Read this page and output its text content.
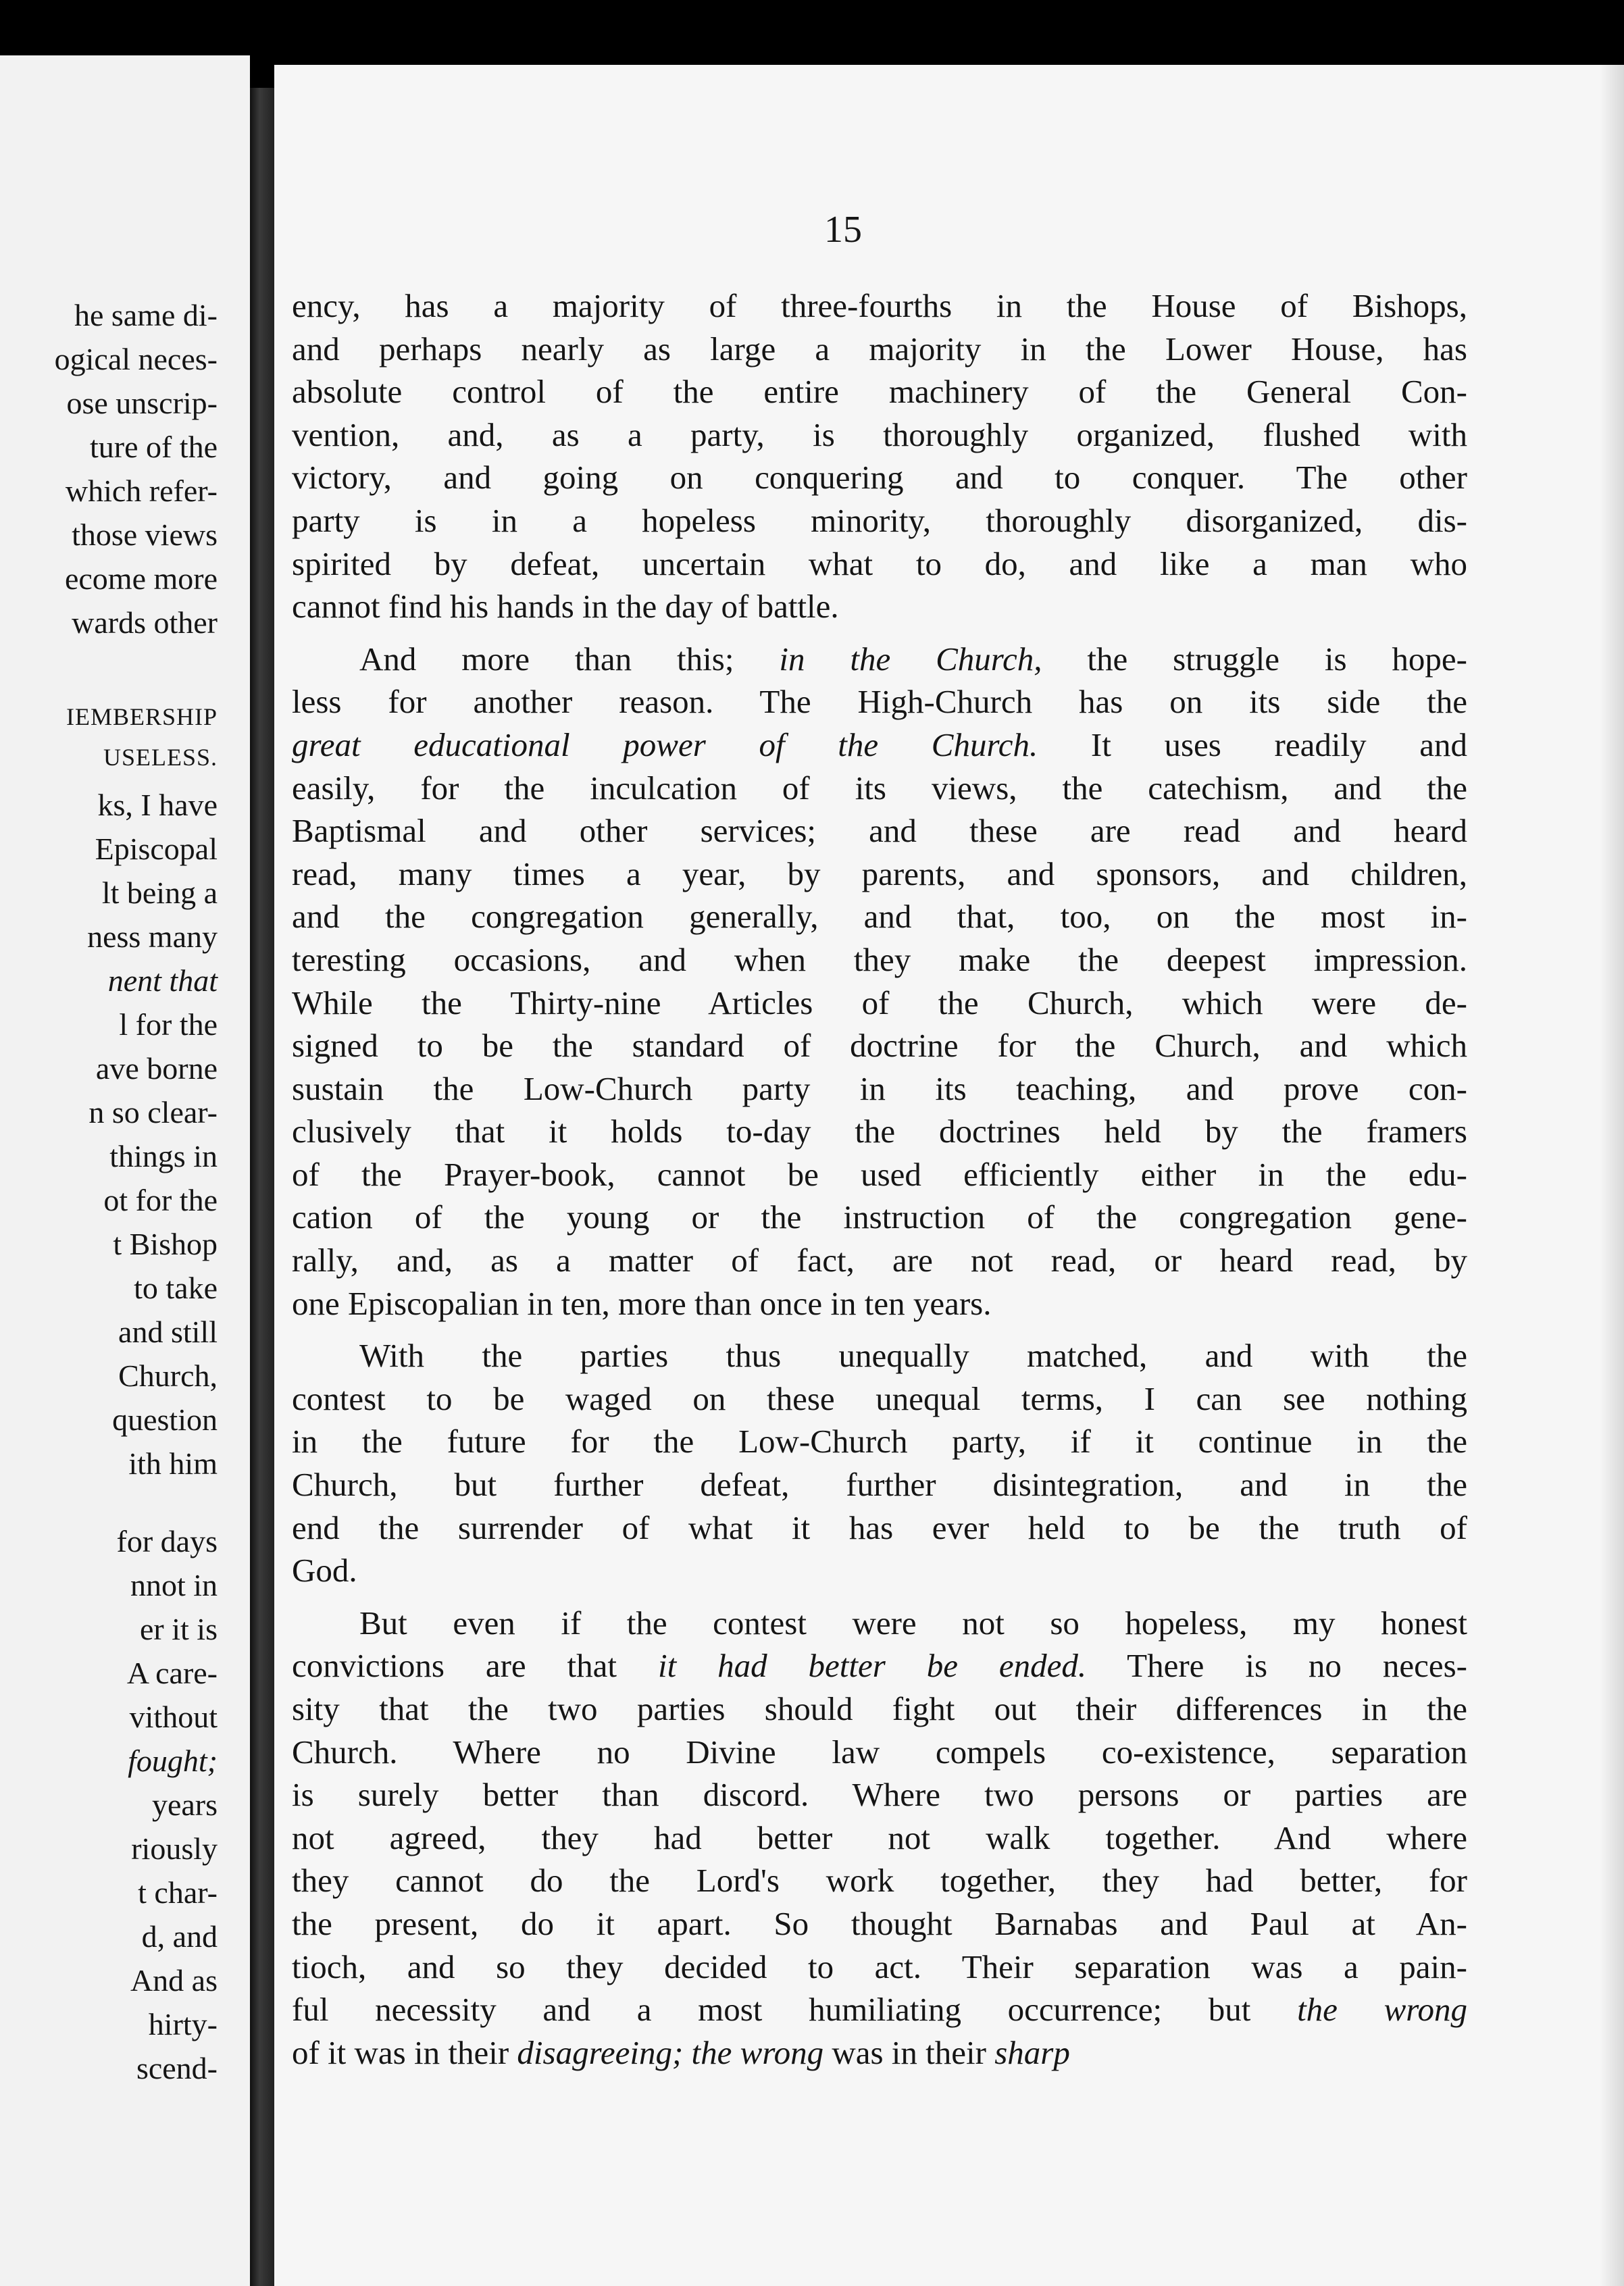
he same di-
ogical neces-
ose unscrip-
ture of the
which refer-
those views
ecome more
wards other
IEMBERSHIP
USELESS.
ks, I have
Episcopal
lt being a
ness many
nent that
l for the
ave borne
n so clear-
things in
ot for the
t Bishop
to take
and still
Church,
question
ith him
for days
nnot in
er it is
A care-
vithout
fought;
years
riously
t char-
d, and
And as
hirty-
scend-
15
ency, has a majority of three-fourths in the House of Bishops,
and perhaps nearly as large a majority in the Lower House, has
absolute control of the entire machinery of the General Con-
vention, and, as a party, is thoroughly organized, flushed with
victory, and going on conquering and to conquer. The other
party is in a hopeless minority, thoroughly disorganized, dis-
spirited by defeat, uncertain what to do, and like a man who
cannot find his hands in the day of battle.
And more than this; in the Church, the struggle is hope-
less for another reason. The High-Church has on its side the
great educational power of the Church. It uses readily and
easily, for the inculcation of its views, the catechism, and the
Baptismal and other services; and these are read and heard
read, many times a year, by parents, and sponsors, and children,
and the congregation generally, and that, too, on the most in-
teresting occasions, and when they make the deepest impression.
While the Thirty-nine Articles of the Church, which were de-
signed to be the standard of doctrine for the Church, and which
sustain the Low-Church party in its teaching, and prove con-
clusively that it holds to-day the doctrines held by the framers
of the Prayer-book, cannot be used efficiently either in the edu-
cation of the young or the instruction of the congregation gene-
rally, and, as a matter of fact, are not read, or heard read, by
one Episcopalian in ten, more than once in ten years.
With the parties thus unequally matched, and with the
contest to be waged on these unequal terms, I can see nothing
in the future for the Low-Church party, if it continue in the
Church, but further defeat, further disintegration, and in the
end the surrender of what it has ever held to be the truth of
God.
But even if the contest were not so hopeless, my honest
convictions are that it had better be ended. There is no neces-
sity that the two parties should fight out their differences in the
Church. Where no Divine law compels co-existence, separation
is surely better than discord. Where two persons or parties are
not agreed, they had better not walk together. And where
they cannot do the Lord's work together, they had better, for
the present, do it apart. So thought Barnabas and Paul at An-
tioch, and so they decided to act. Their separation was a pain-
ful necessity and a most humiliating occurrence; but the wrong
of it was in their disagreeing; the wrong was in their sharp
